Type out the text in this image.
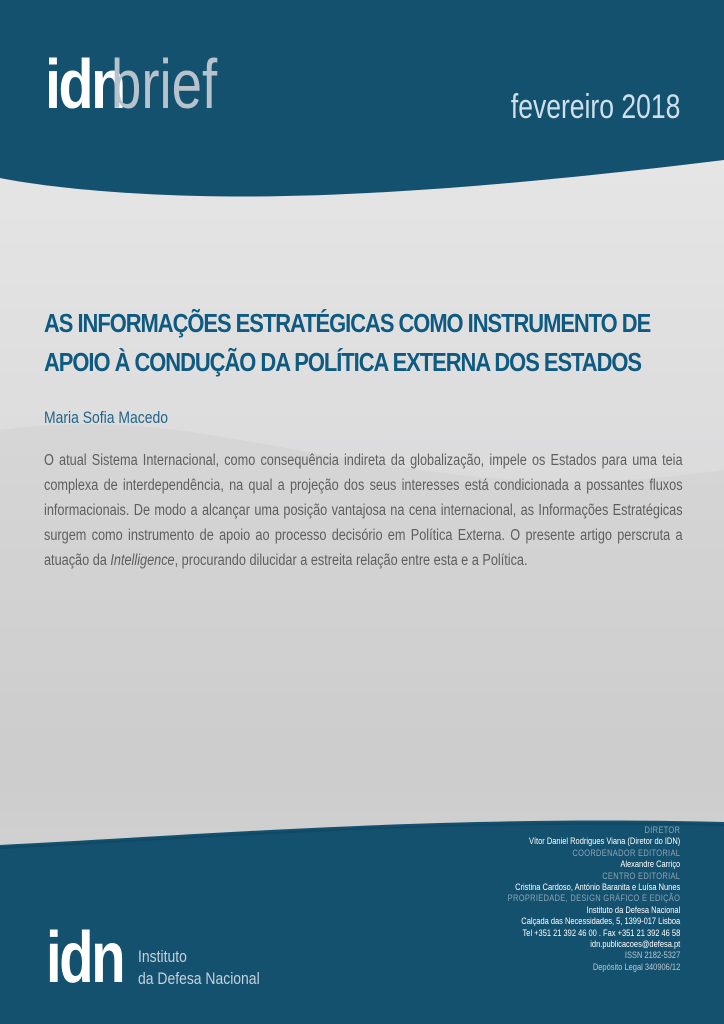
idn
brief	fevereiro 2018
AS INFORMAÇÕES ESTRATÉGICAS COMO INSTRUMENTO DE
APOIO À CONDUÇÃO DA POLÍTICA EXTERNA DOS ESTADOS

Maria Sofia Macedo

O atual Sistema Internacional, como consequência indireta da globalização, impele os Estados para uma teia complexa de interdependência, na qual a projeção dos seus interesses está condicionada a possantes fluxos informacionais. De modo a alcançar uma posição vantajosa na cena internacional, as Informações Estratégicas surgem como instrumento de apoio ao processo decisório em Política Externa. O presente artigo perscruta a atuação da Intelligence, procurando dilucidar a estreita relação entre esta e a Política.

DIRETOR
Vítor Daniel Rodrigues Viana (Diretor do IDN)
COORDENADOR EDITORIAL
Alexandre Carriço
CENTRO EDITORIAL
Cristina Cardoso, António Baranita e Luísa Nunes
PROPRIEDADE, DESIGN GRÁFICO E EDIÇÃO
Instituto da Defesa Nacional
Calçada das Necessidades, 5, 1399-017 Lisboa
Tel +351 21 392 46 00 . Fax +351 21 392 46 58
idn.publicacoes@defesa.pt
ISSN 2182-5327
Depósito Legal 340906/12
idn Instituto
da Defesa Nacional
